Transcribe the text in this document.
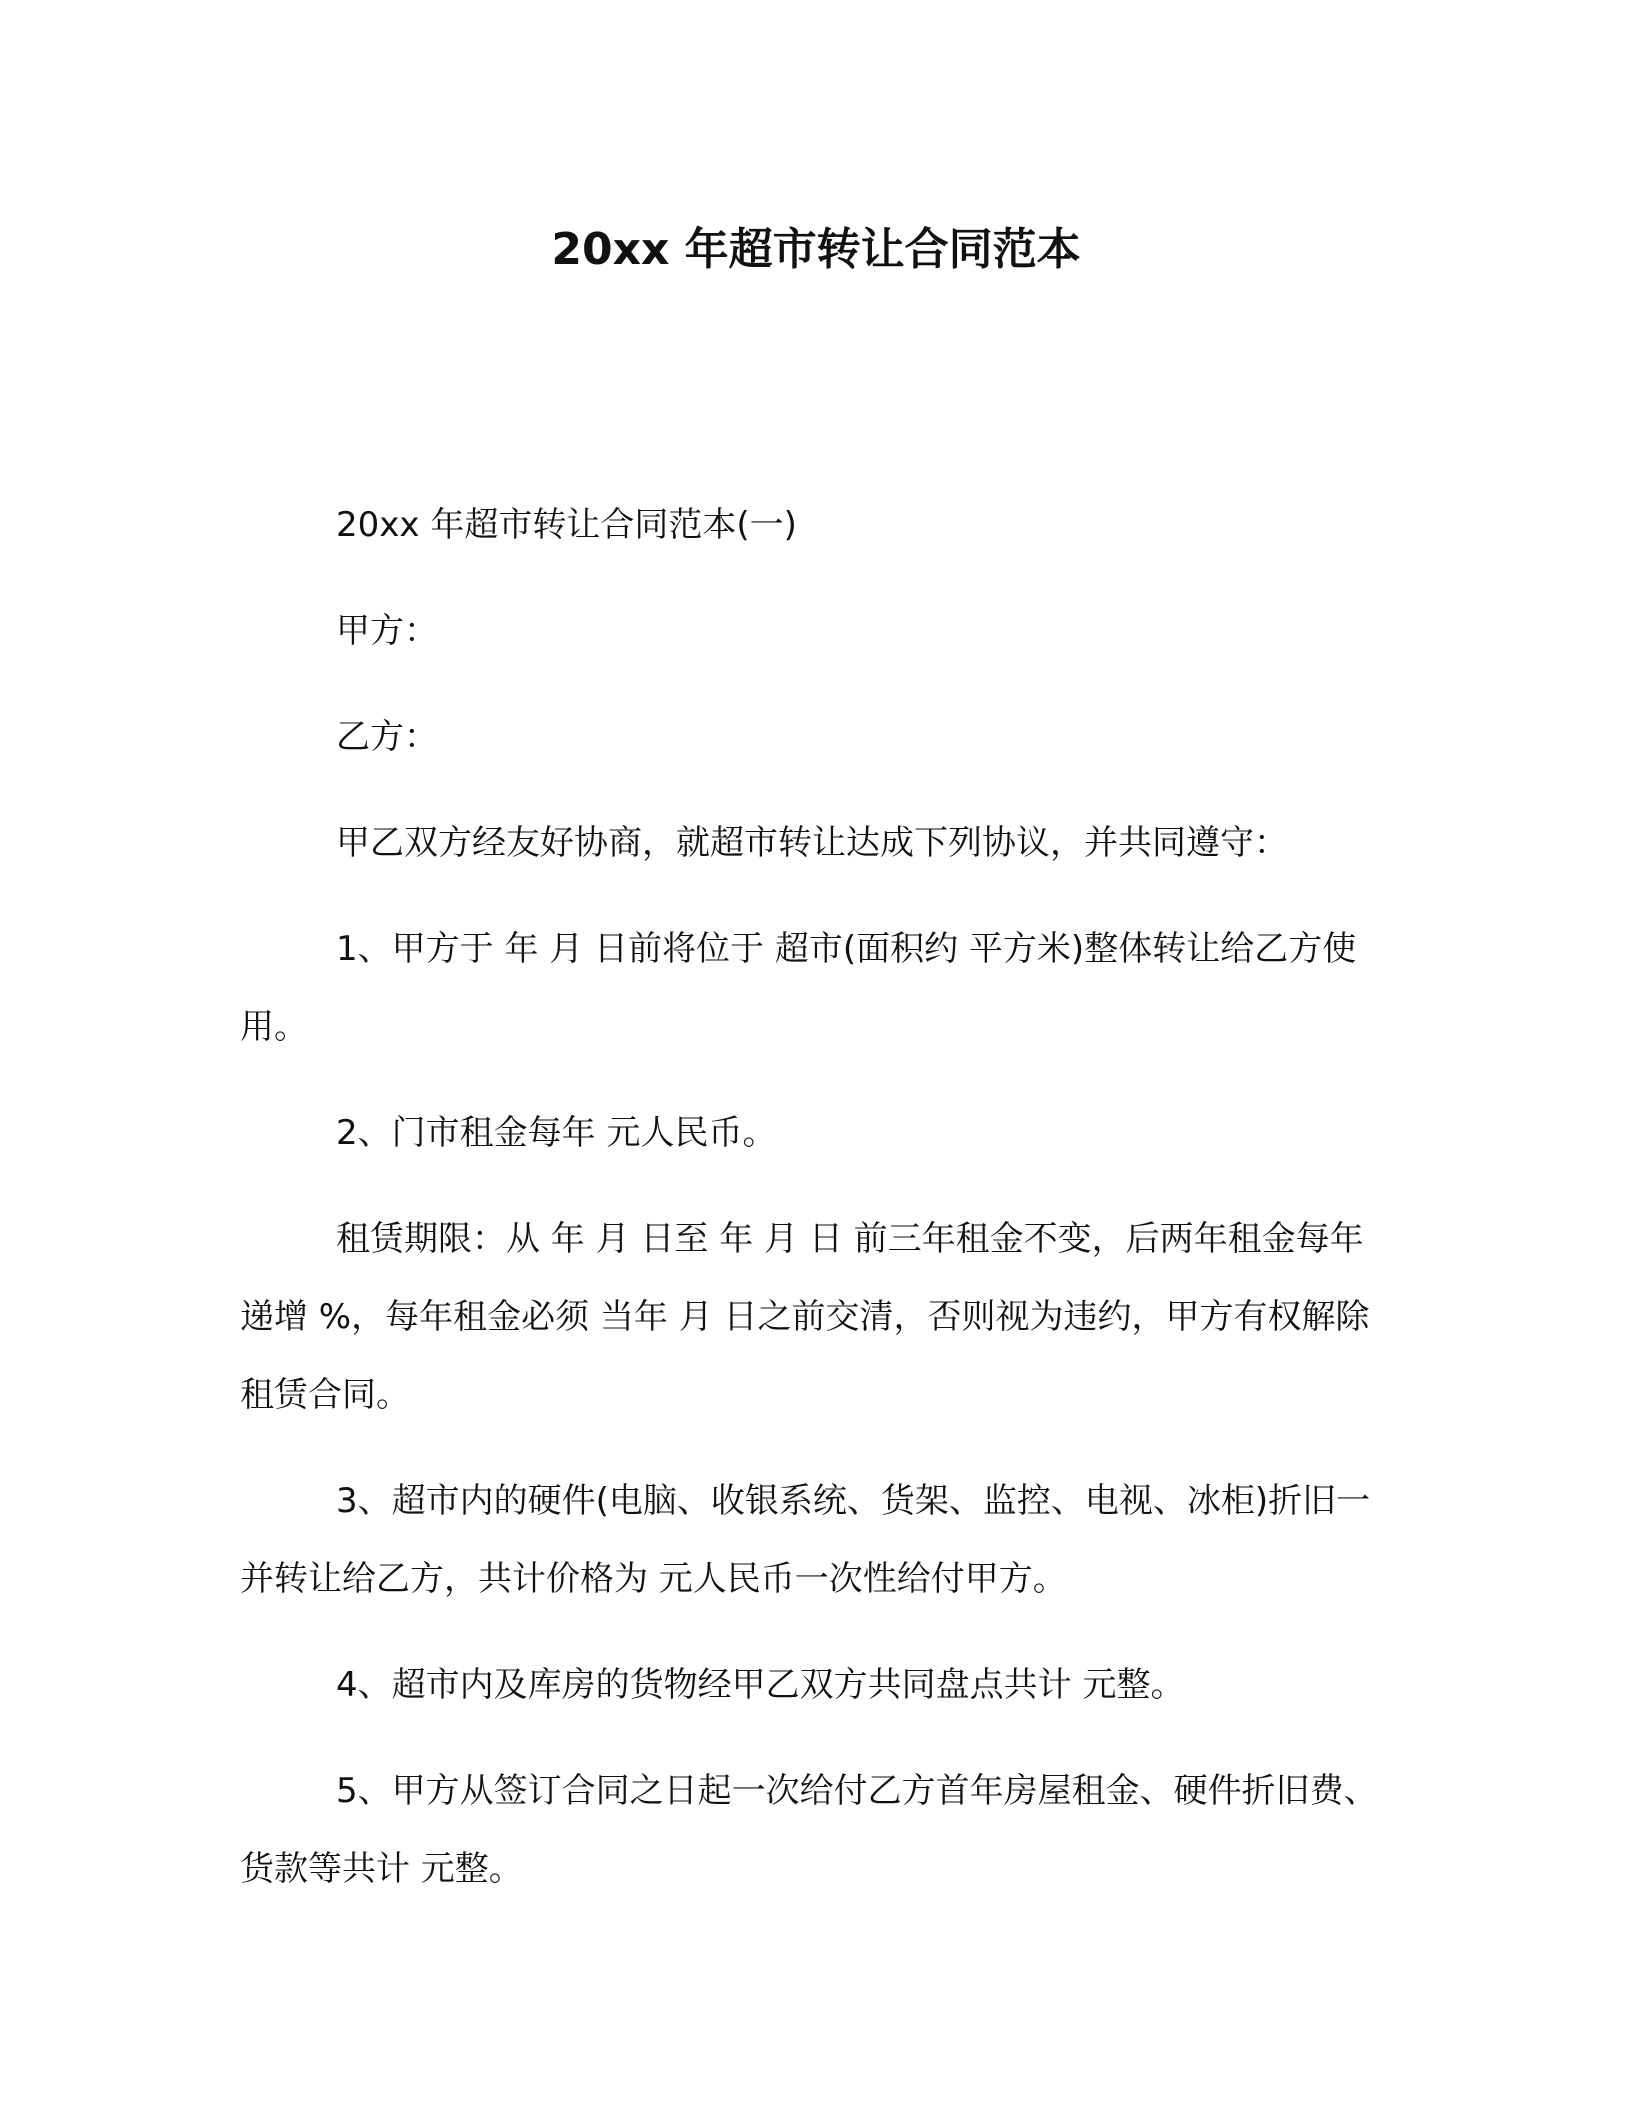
20xx 年超市转让合同范本

20xx 年超市转让合同范本(一)

甲方：

乙方：

甲乙双方经友好协商，就超市转让达成下列协议，并共同遵守：

1、甲方于 年 月 日前将位于 超市(面积约 平方米)整体转让给乙方使用。

2、门市租金每年 元人民币。

租赁期限：从 年 月 日至 年 月 日 前三年租金不变，后两年租金每年递增 %，每年租金必须 当年 月 日之前交清，否则视为违约，甲方有权解除租赁合同。

3、超市内的硬件(电脑、收银系统、货架、监控、电视、冰柜)折旧一并转让给乙方，共计价格为 元人民币一次性给付甲方。

4、超市内及库房的货物经甲乙双方共同盘点共计 元整。

5、甲方从签订合同之日起一次给付乙方首年房屋租金、硬件折旧费、货款等共计 元整。
